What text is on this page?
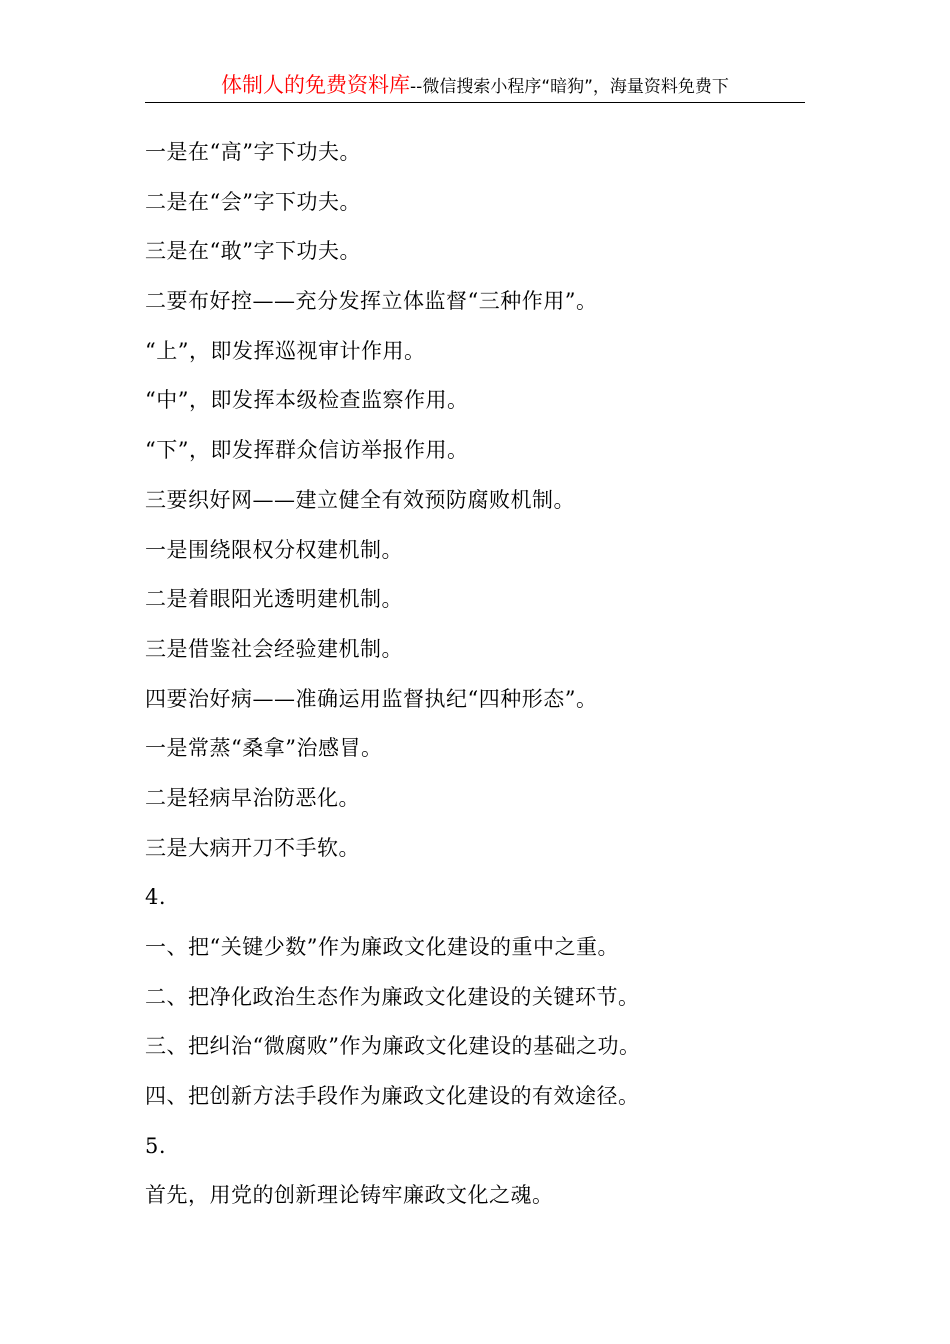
体制人的免费资料库--微信搜索小程序“暗狗”，海量资料免费下
一是在“高”字下功夫。
二是在“会”字下功夫。
三是在“敢”字下功夫。
二要布好控——充分发挥立体监督“三种作用”。
“上”，即发挥巡视审计作用。
“中”，即发挥本级检查监察作用。
“下”，即发挥群众信访举报作用。
三要织好网——建立健全有效预防腐败机制。
一是围绕限权分权建机制。
二是着眼阳光透明建机制。
三是借鉴社会经验建机制。
四要治好病——准确运用监督执纪“四种形态”。
一是常蒸“桑拿”治感冒。
二是轻病早治防恶化。
三是大病开刀不手软。
4.
一、把“关键少数”作为廉政文化建设的重中之重。
二、把净化政治生态作为廉政文化建设的关键环节。
三、把纠治“微腐败”作为廉政文化建设的基础之功。
四、把创新方法手段作为廉政文化建设的有效途径。
5.
首先，用党的创新理论铸牢廉政文化之魂。
